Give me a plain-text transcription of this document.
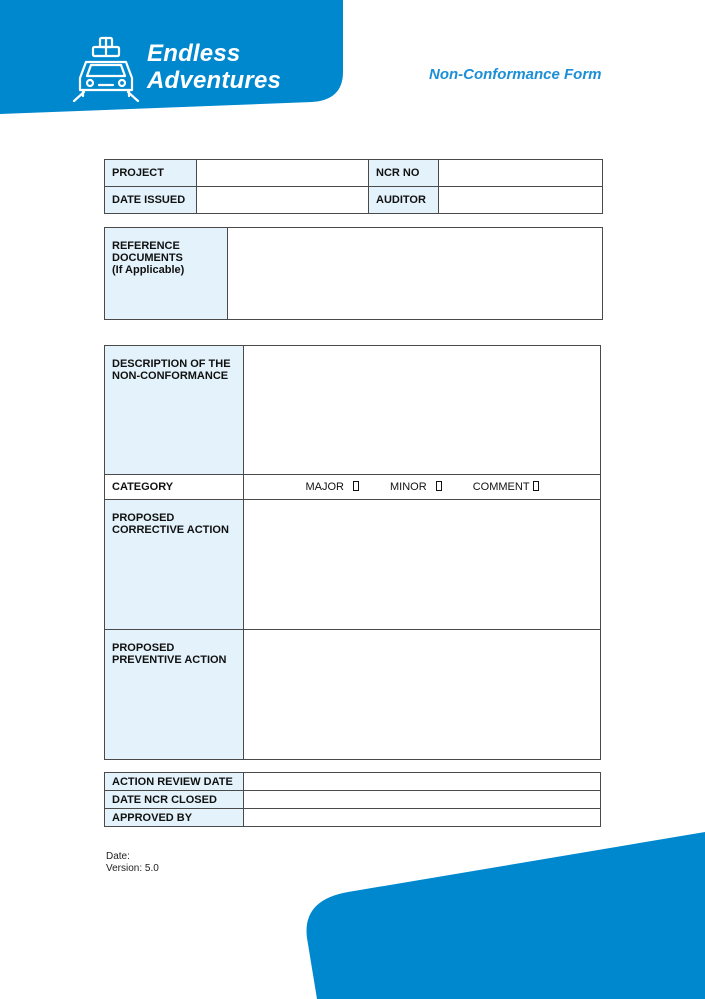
Endless
Adventures	Non-Conformance Form
PROJECT		NCR NO	

DATE ISSUED		AUDITOR	

REFERENCE
DOCUMENTS
(If Applicable)

DESCRIPTION OF THE
NON-CONFORMANCE	

CATEGORY	MAJOR MINOR COMMENT

PROPOSED
CORRECTIVE ACTION	

PROPOSED
PREVENTIVE ACTION	

ACTION REVIEW DATE	

DATE NCR CLOSED	

APPROVED BY	

Date:
Version: 5.0
